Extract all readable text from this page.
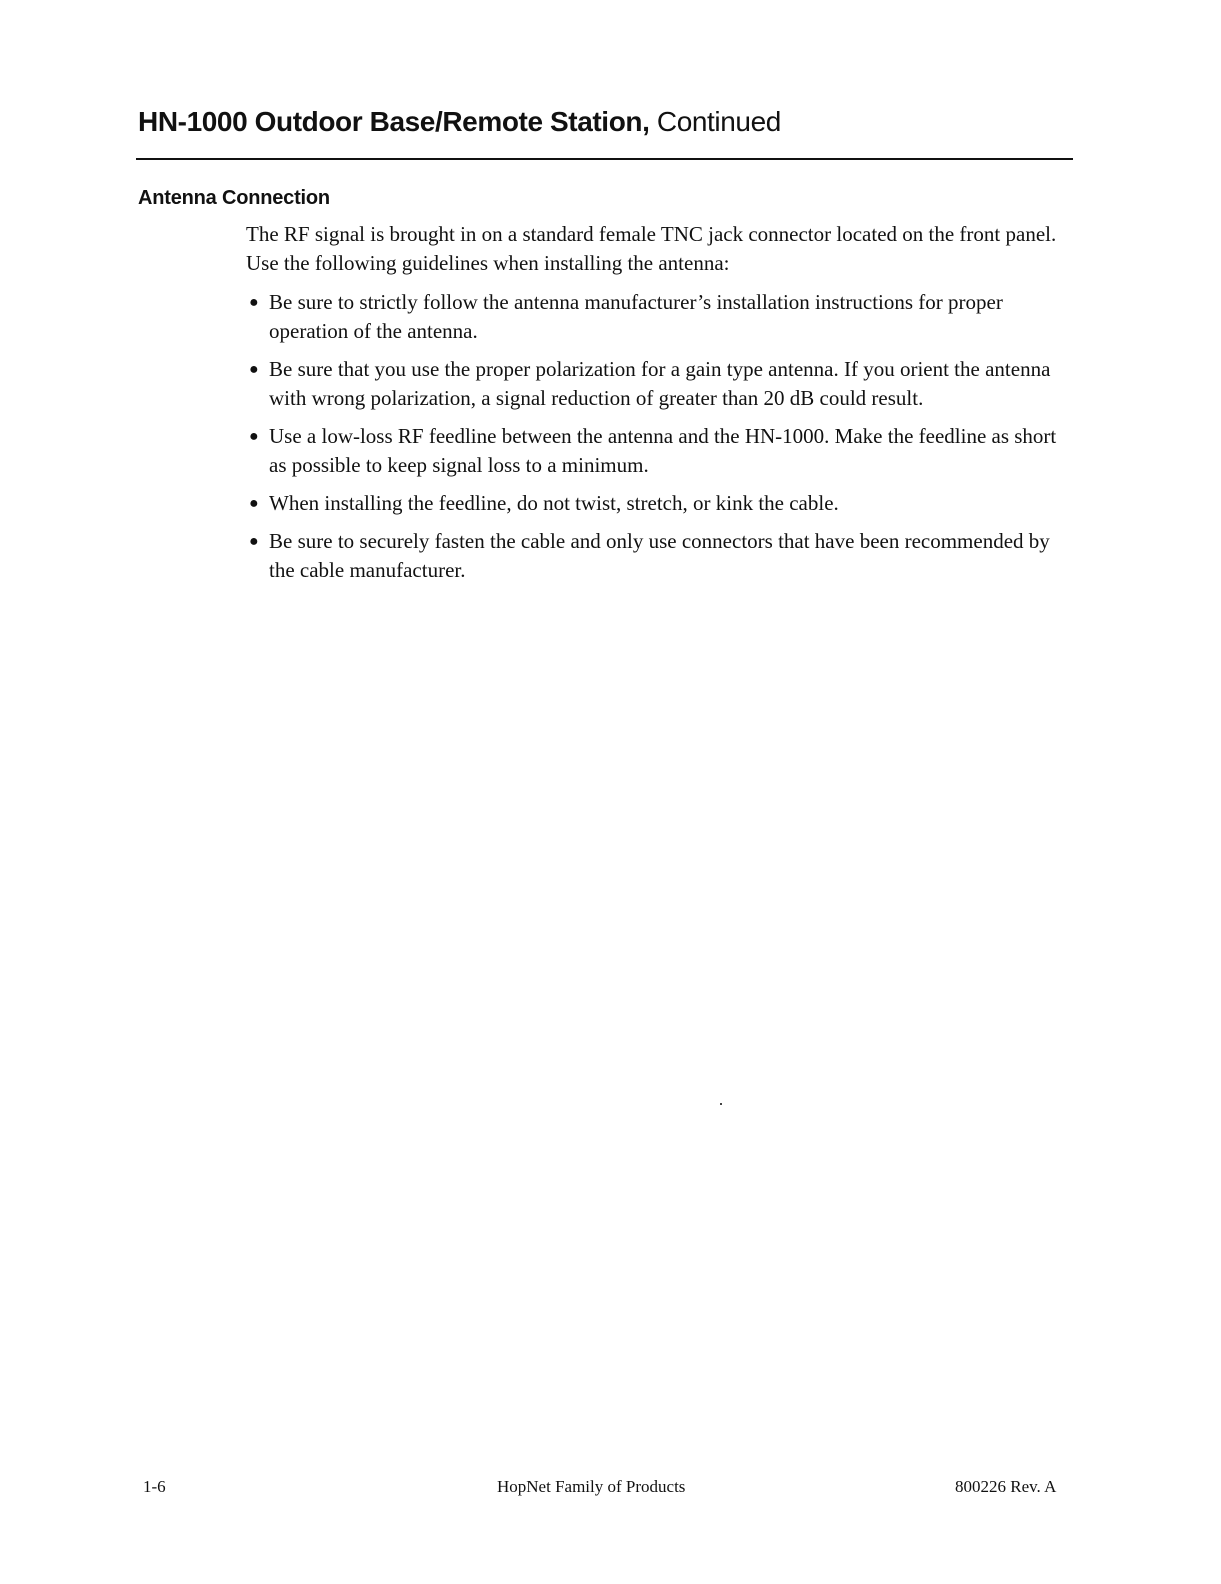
HN-1000 Outdoor Base/Remote Station, Continued
Antenna Connection

The RF signal is brought in on a standard female TNC jack connector located on the front panel. Use the following guidelines when installing the antenna:

● Be sure to strictly follow the antenna manufacturer’s installation instructions for proper operation of the antenna.
● Be sure that you use the proper polarization for a gain type antenna. If you orient the antenna with wrong polarization, a signal reduction of greater than 20 dB could result.
● Use a low-loss RF feedline between the antenna and the HN-1000. Make the feedline as short as possible to keep signal loss to a minimum.
● When installing the feedline, do not twist, stretch, or kink the cable.
● Be sure to securely fasten the cable and only use connectors that have been recommended by the cable manufacturer.
1-6	HopNet Family of Products	800226 Rev. A
